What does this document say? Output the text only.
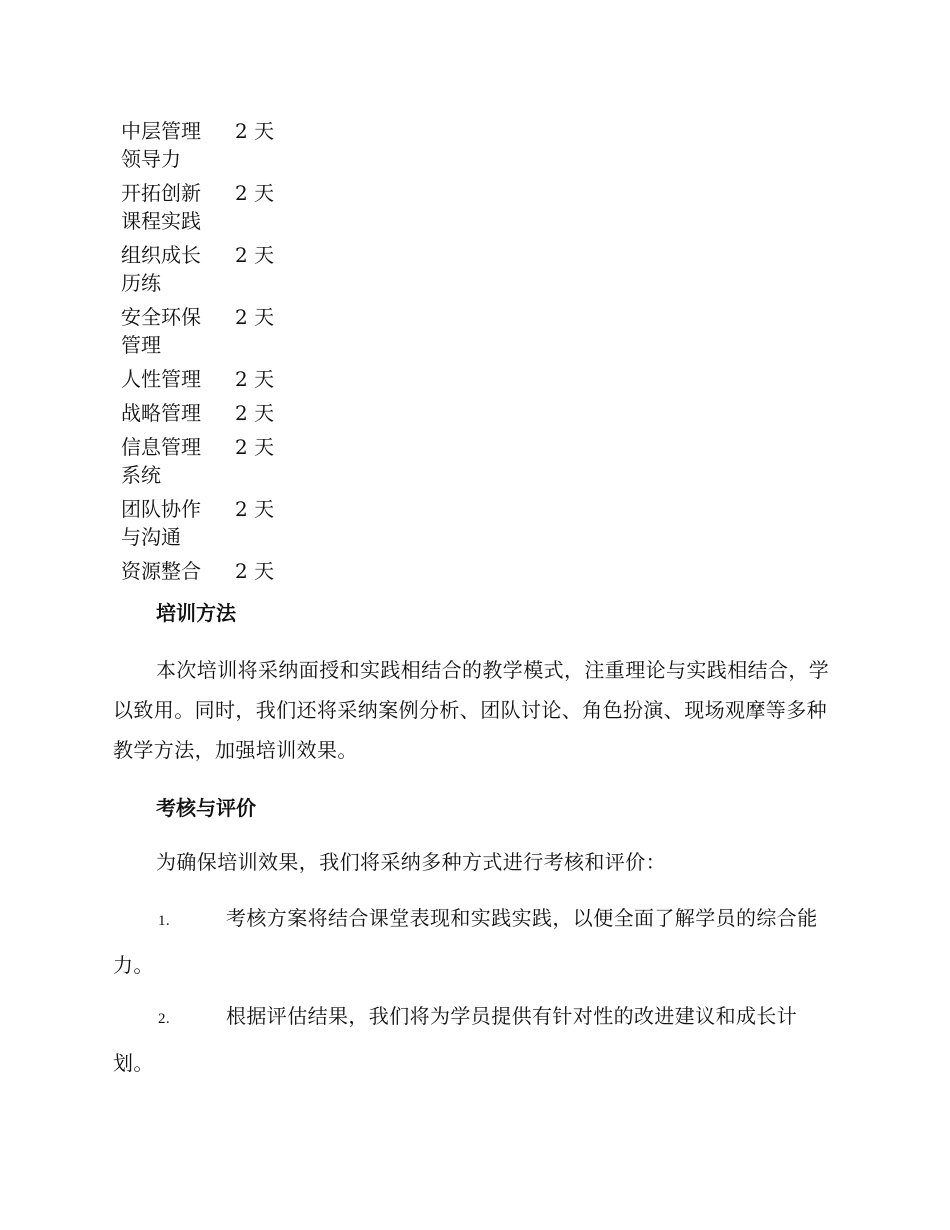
中层管理领导力	2 天
开拓创新课程实践	2 天
组织成长历练	2 天
安全环保管理	2 天
人性管理	2 天
战略管理	2 天
信息管理系统	2 天
团队协作与沟通	2 天
资源整合	2 天
培训方法

本次培训将采纳面授和实践相结合的教学模式，注重理论与实践相结合，学以致用。同时，我们还将采纳案例分析、团队讨论、角色扮演、现场观摩等多种教学方法，加强培训效果。

考核与评价

为确保培训效果，我们将采纳多种方式进行考核和评价：

1.	考核方案将结合课堂表现和实践实践，以便全面了解学员的综合能力。

2.	根据评估结果，我们将为学员提供有针对性的改进建议和成长计划。
